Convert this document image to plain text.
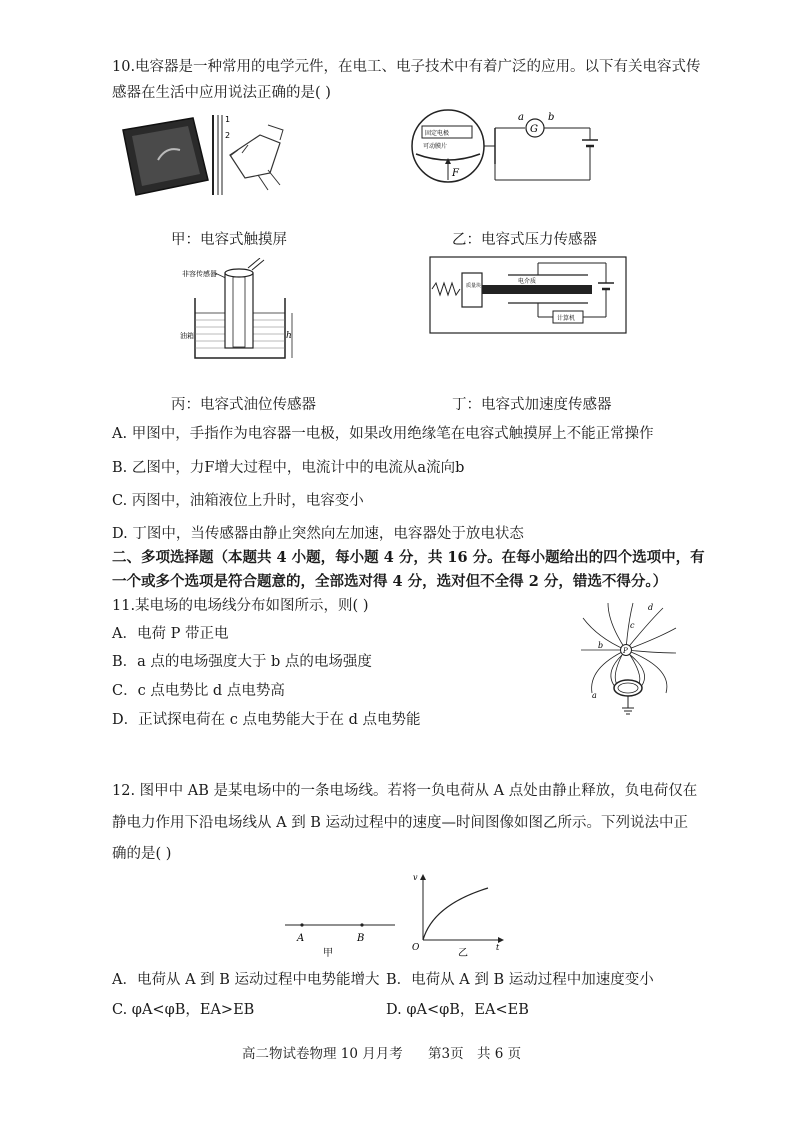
10.电容器是一种常用的电学元件，在电工、电子技术中有着广泛的应用。以下有关电容式传
感器在生活中应用说法正确的是( )
1
2
甲：电容式触摸屏
固定电极
可动膜片
F
G
a b
乙：电容式压力传感器
非容传感器
油箱	h
丙：电容式油位传感器
质量块
电介质
计算机
丁：电容式加速度传感器
A. 甲图中，手指作为电容器一电极，如果改用绝缘笔在电容式触摸屏上不能正常操作
B. 乙图中，力F增大过程中，电流计中的电流从a流向b
C. 丙图中，油箱液位上升时，电容变小
D. 丁图中，当传感器由静止突然向左加速，电容器处于放电状态
二、多项选择题（本题共 4 小题，每小题 4 分，共 16 分。在每小题给出的四个选项中，有
一个或多个选项是符合题意的，全部选对得 4 分，选对但不全得 2 分，错选不得分。）
11.某电场的电场线分布如图所示，则( )
A．电荷 P 带正电
B．a 点的电场强度大于 b 点的电场强度
C．c 点电势比 d 点电势高
D．正试探电荷在 c 点电势能大于在 d 点电势能
P
a
b
c
d
12. 图甲中 AB 是某电场中的一条电场线。若将一负电荷从 A 点处由静止释放，负电荷仅在
静电力作用下沿电场线从 A 到 B 运动过程中的速度—时间图像如图乙所示。下列说法中正
确的是( )
A	B
甲
v
O	t
乙
A．电荷从 A 到 B 运动过程中电势能增大 B．电荷从 A 到 B 运动过程中加速度变小
C. φA<φB，EA>EB	D. φA<φB，EA<EB
高二物试卷物理 10 月月考 第3页 共 6 页
